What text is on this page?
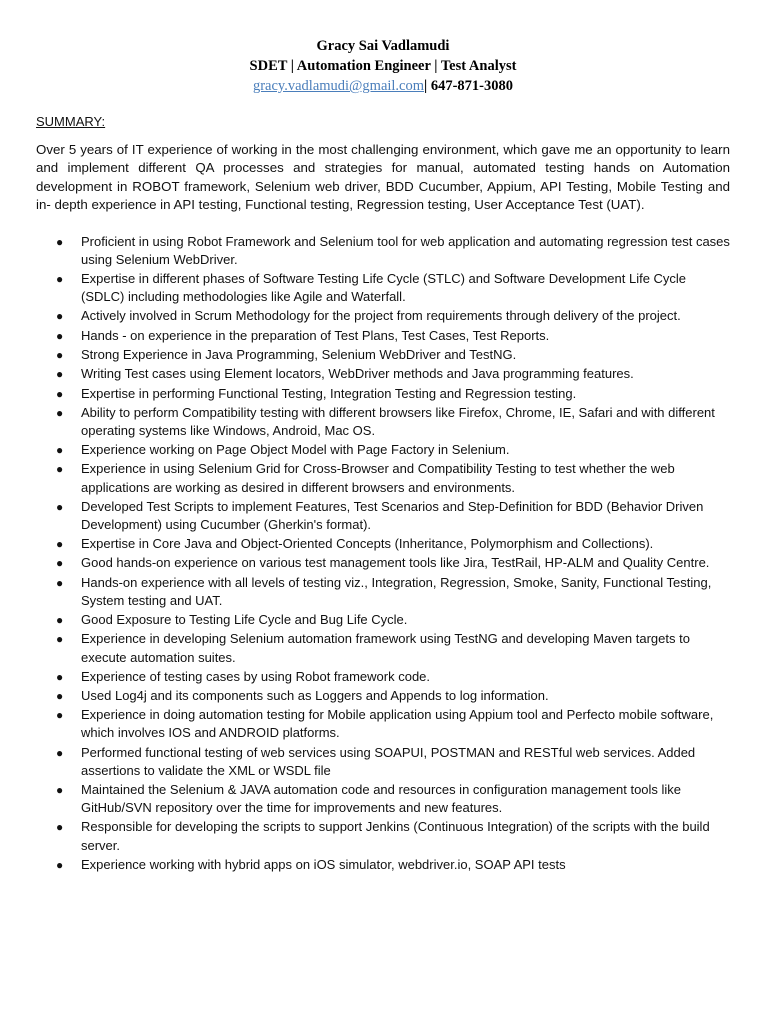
Gracy Sai Vadlamudi
SDET | Automation Engineer | Test Analyst
gracy.vadlamudi@gmail.com| 647-871-3080
SUMMARY:
Over 5 years of IT experience of working in the most challenging environment, which gave me an opportunity to learn and implement different QA processes and strategies for manual, automated testing hands on Automation development in ROBOT framework, Selenium web driver, BDD Cucumber, Appium, API Testing, Mobile Testing and in- depth experience in API testing, Functional testing, Regression testing, User Acceptance Test (UAT).
● Proficient in using Robot Framework and Selenium tool for web application and automating regression test cases using Selenium WebDriver.
● Expertise in different phases of Software Testing Life Cycle (STLC) and Software Development Life Cycle (SDLC) including methodologies like Agile and Waterfall.
● Actively involved in Scrum Methodology for the project from requirements through delivery of the project.
● Hands - on experience in the preparation of Test Plans, Test Cases, Test Reports.
● Strong Experience in Java Programming, Selenium WebDriver and TestNG.
● Writing Test cases using Element locators, WebDriver methods and Java programming features.
● Expertise in performing Functional Testing, Integration Testing and Regression testing.
● Ability to perform Compatibility testing with different browsers like Firefox, Chrome, IE, Safari and with different operating systems like Windows, Android, Mac OS.
● Experience working on Page Object Model with Page Factory in Selenium.
● Experience in using Selenium Grid for Cross-Browser and Compatibility Testing to test whether the web applications are working as desired in different browsers and environments.
● Developed Test Scripts to implement Features, Test Scenarios and Step-Definition for BDD (Behavior Driven Development) using Cucumber (Gherkin's format).
● Expertise in Core Java and Object-Oriented Concepts (Inheritance, Polymorphism and Collections).
● Good hands-on experience on various test management tools like Jira, TestRail, HP-ALM and Quality Centre.
● Hands-on experience with all levels of testing viz., Integration, Regression, Smoke, Sanity, Functional Testing, System testing and UAT.
● Good Exposure to Testing Life Cycle and Bug Life Cycle.
● Experience in developing Selenium automation framework using TestNG and developing Maven targets to execute automation suites.
● Experience of testing cases by using Robot framework code.
● Used Log4j and its components such as Loggers and Appends to log information.
● Experience in doing automation testing for Mobile application using Appium tool and Perfecto mobile software, which involves IOS and ANDROID platforms.
● Performed functional testing of web services using SOAPUI, POSTMAN and RESTful web services. Added assertions to validate the XML or WSDL file
● Maintained the Selenium & JAVA automation code and resources in configuration management tools like GitHub/SVN repository over the time for improvements and new features.
● Responsible for developing the scripts to support Jenkins (Continuous Integration) of the scripts with the build server.
● Experience working with hybrid apps on iOS simulator, webdriver.io, SOAP API tests
